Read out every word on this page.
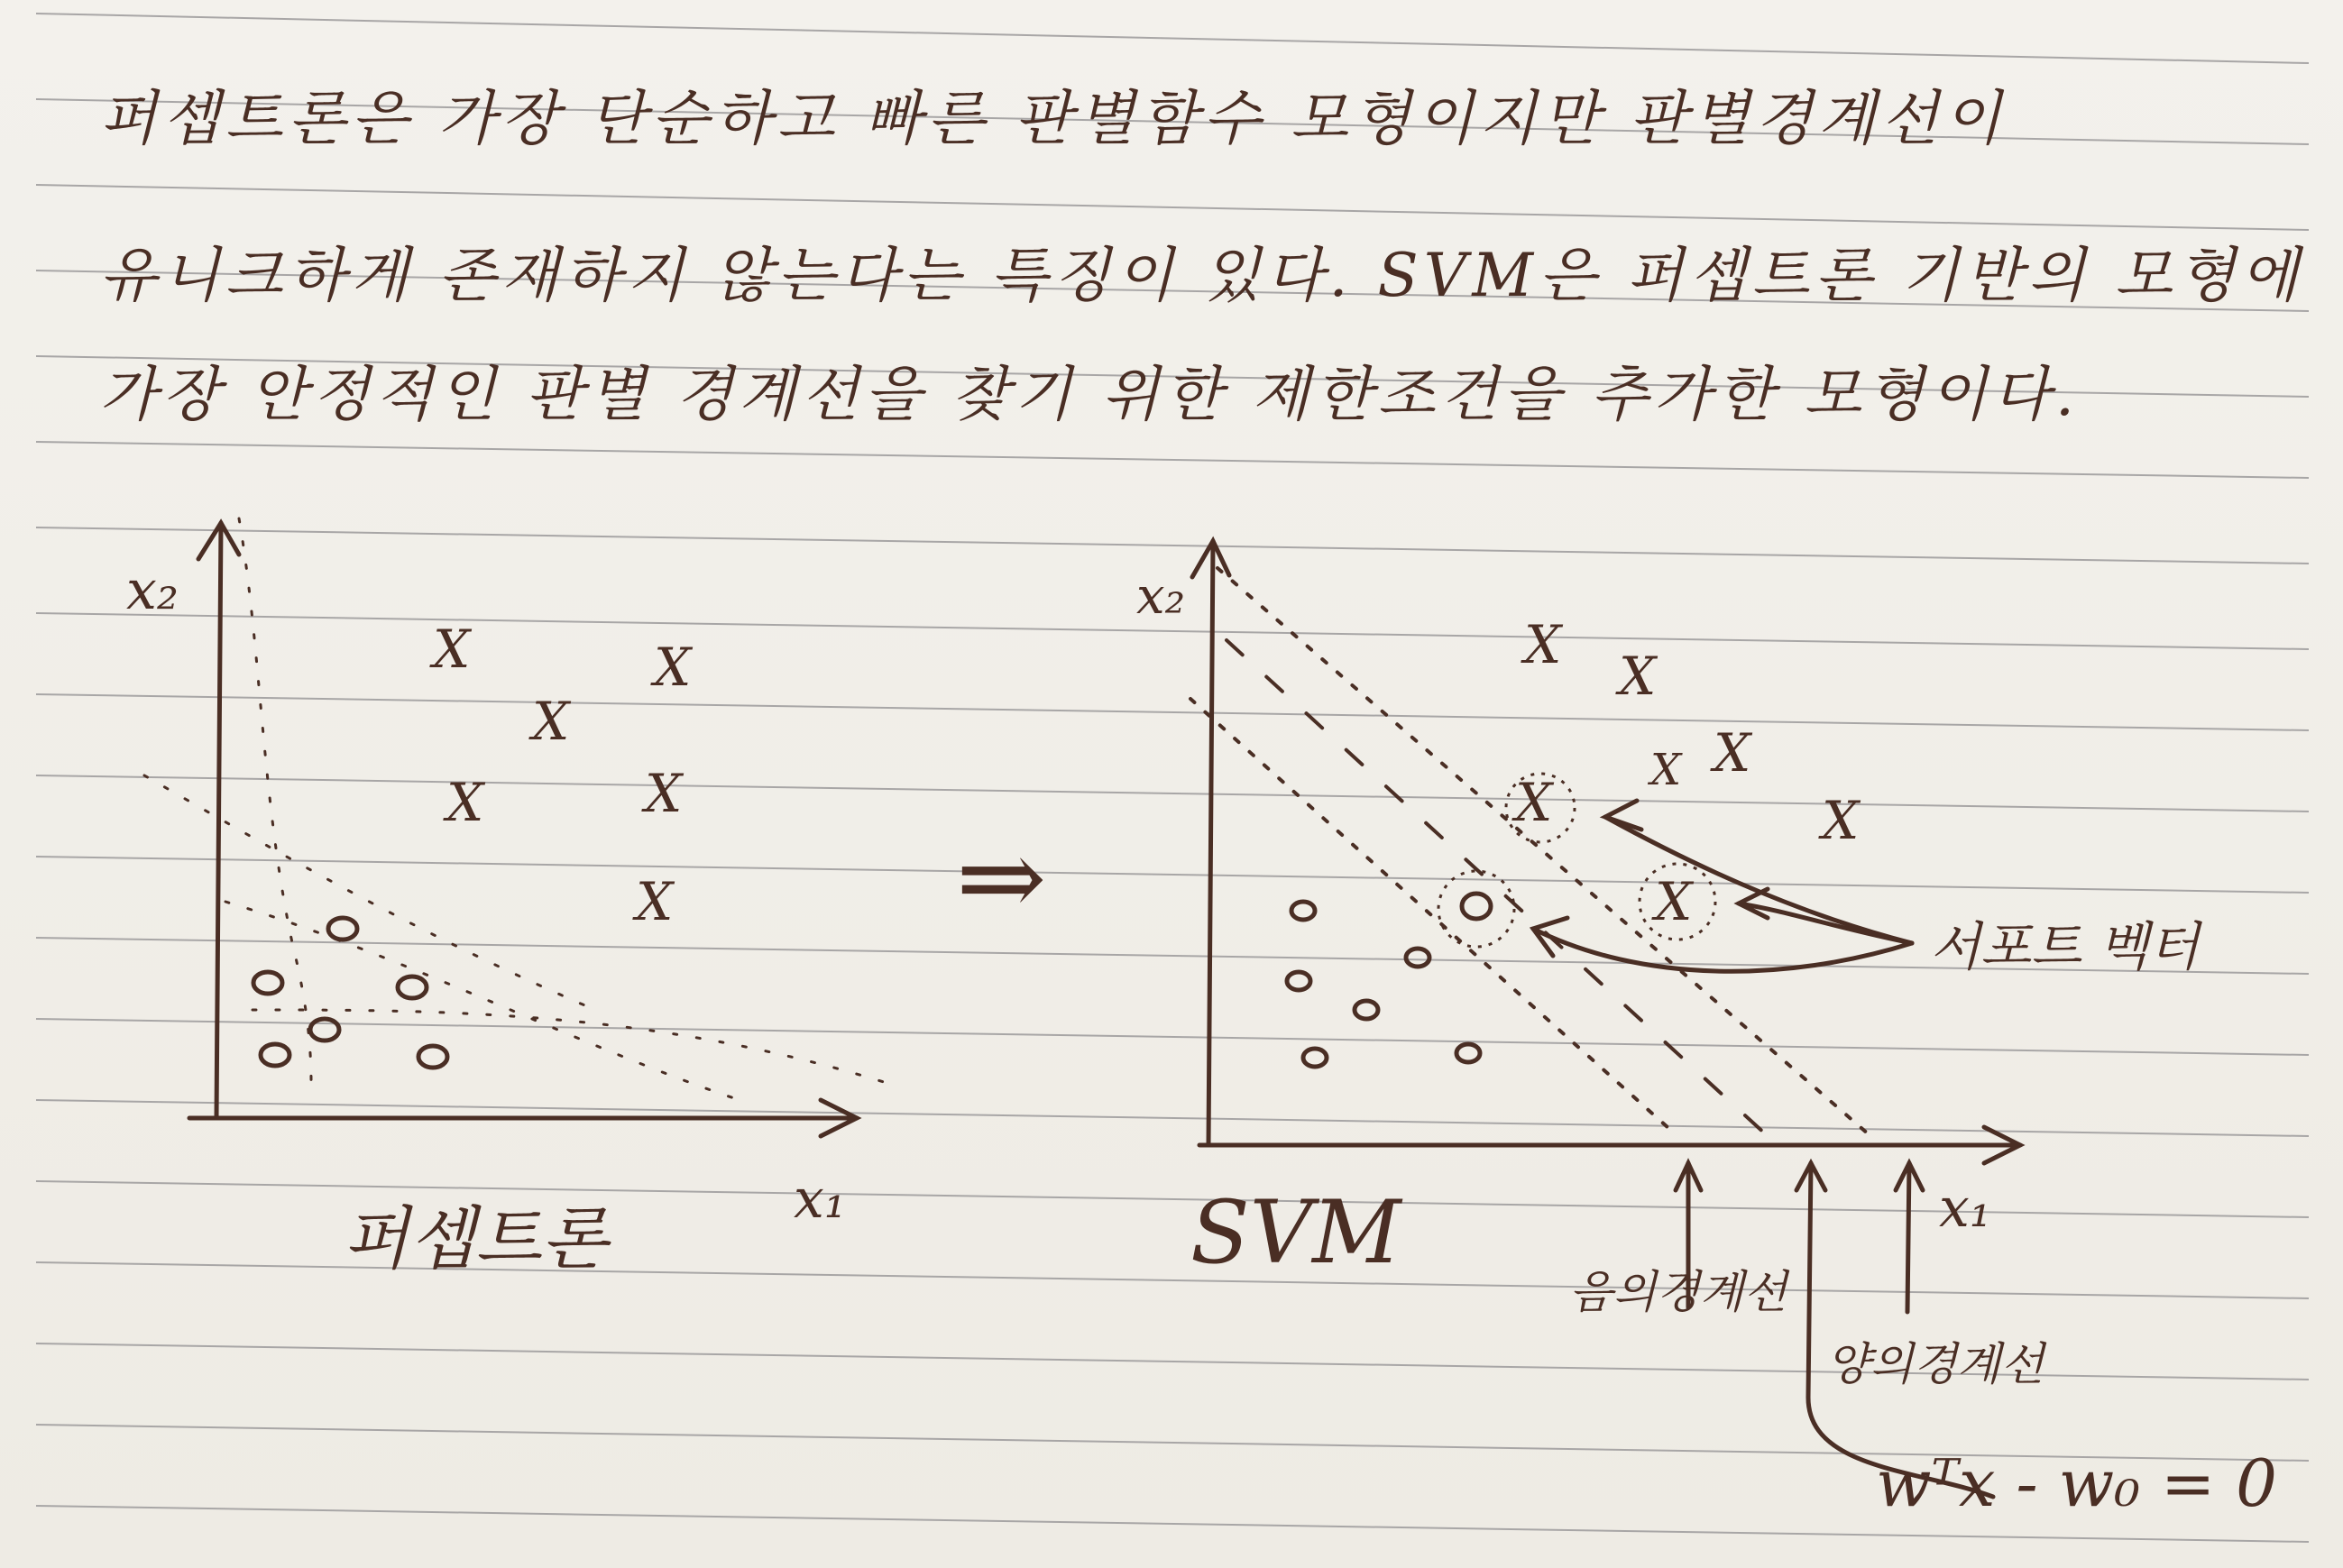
퍼셉트론은 가장 단순하고 빠른 판별함수 모형이지만 판별경계선이
유니크하게 존재하지 않는다는 특징이 있다. SVM은 퍼셉트론 기반의 모형에
가장 안정적인 판별 경계선을 찾기 위한 제한조건을 추가한 모형이다.
X	X
X
X	X
X
x₂
x₁
퍼셉트론
⇒
X
X
X
X
X
X
X
x₂
x₁
SVM
서포트 벡터
음의경계선
양의경계선
wᵀx - w₀ = 0
